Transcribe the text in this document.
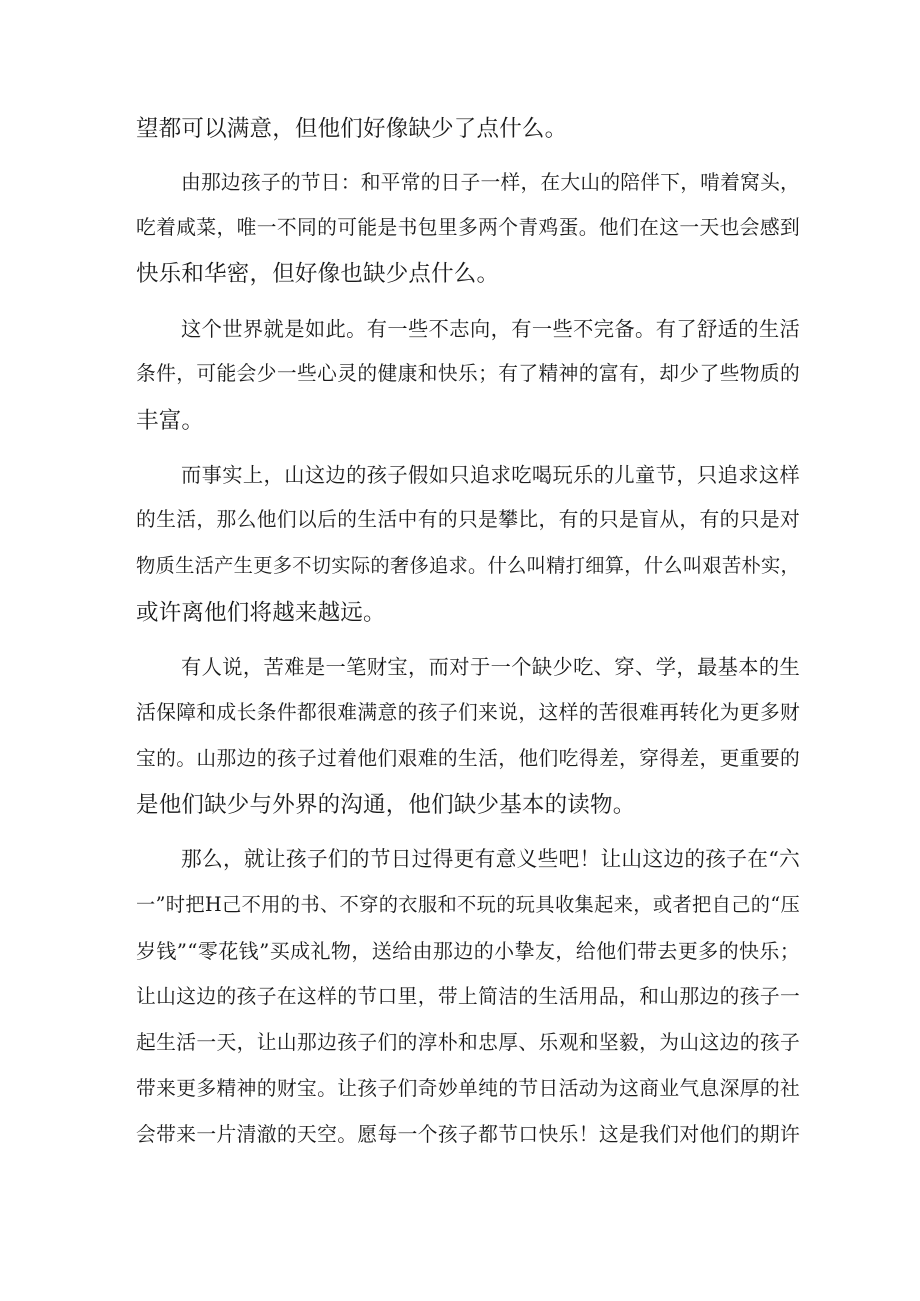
望都可以满意，但他们好像缺少了点什么。
由那边孩子的节日：和平常的日子一样，在大山的陪伴下，啃着窝头，
吃着咸菜，唯一不同的可能是书包里多两个青鸡蛋。他们在这一天也会感到
快乐和华密，但好像也缺少点什么。
这个世界就是如此。有一些不志向，有一些不完备。有了舒适的生活
条件，可能会少一些心灵的健康和快乐；有了精神的富有，却少了些物质的
丰富。
而事实上，山这边的孩子假如只追求吃喝玩乐的儿童节，只追求这样
的生活，那么他们以后的生活中有的只是攀比，有的只是盲从，有的只是对
物质生活产生更多不切实际的奢侈追求。什么叫精打细算，什么叫艰苦朴实，
或许离他们将越来越远。
有人说，苦难是一笔财宝，而对于一个缺少吃、穿、学，最基本的生
活保障和成长条件都很难满意的孩子们来说，这样的苦很难再转化为更多财
宝的。山那边的孩子过着他们艰难的生活，他们吃得差，穿得差，更重要的
是他们缺少与外界的沟通，他们缺少基本的读物。
那么，就让孩子们的节日过得更有意义些吧！让山这边的孩子在“六
一”时把H己不用的书、不穿的衣服和不玩的玩具收集起来，或者把自己的“压
岁钱”“零花钱”买成礼物，送给由那边的小挚友，给他们带去更多的快乐；
让山这边的孩子在这样的节口里，带上简洁的生活用品，和山那边的孩子一
起生活一天，让山那边孩子们的淳朴和忠厚、乐观和坚毅，为山这边的孩子
带来更多精神的财宝。让孩子们奇妙单纯的节日活动为这商业气息深厚的社
会带来一片清澈的天空。愿每一个孩子都节口快乐！这是我们对他们的期许
